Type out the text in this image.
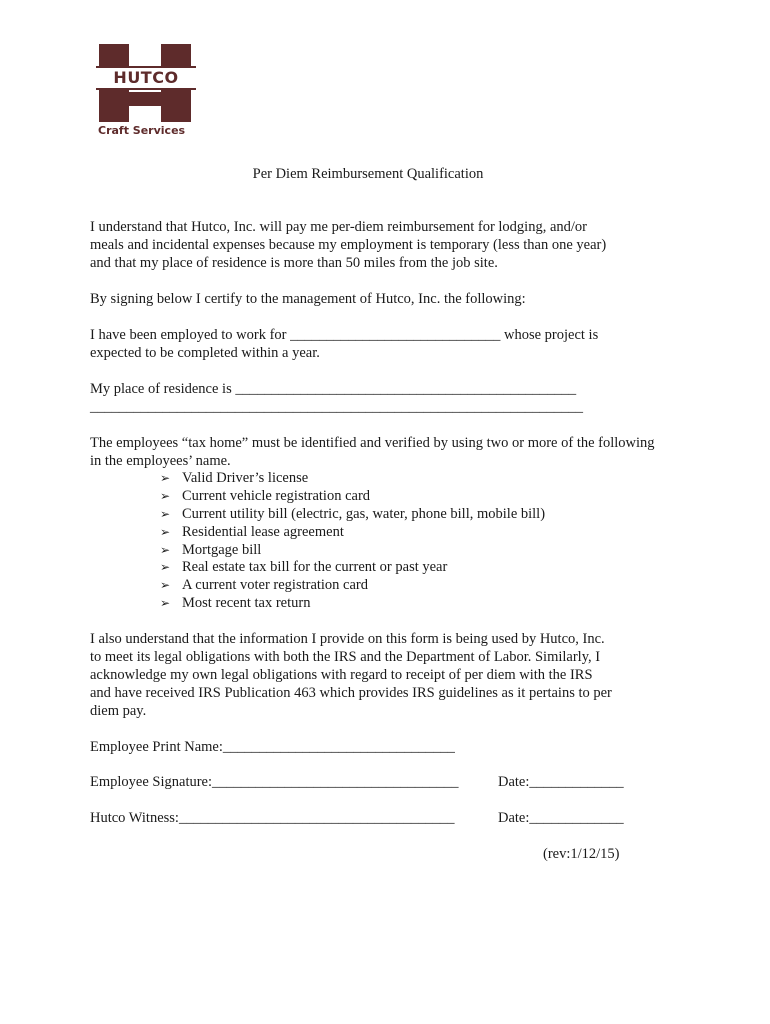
HUTCO
Craft Services
Per Diem Reimbursement Qualification
I understand that Hutco, Inc. will pay me per-diem reimbursement for lodging, and/or
meals and incidental expenses because my employment is temporary (less than one year)
and that my place of residence is more than 50 miles from the job site.
By signing below I certify to the management of Hutco, Inc. the following:
I have been employed to work for _____________________________ whose project is
expected to be completed within a year.
My place of residence is _______________________________________________
____________________________________________________________________
The employees “tax home” must be identified and verified by using two or more of the following
in the employees’ name.
➢ Valid Driver’s license
➢ Current vehicle registration card
➢ Current utility bill (electric, gas, water, phone bill, mobile bill)
➢ Residential lease agreement
➢ Mortgage bill
➢ Real estate tax bill for the current or past year
➢ A current voter registration card
➢ Most recent tax return
I also understand that the information I provide on this form is being used by Hutco, Inc.
to meet its legal obligations with both the IRS and the Department of Labor. Similarly, I
acknowledge my own legal obligations with regard to receipt of per diem with the IRS
and have received IRS Publication 463 which provides IRS guidelines as it pertains to per
diem pay.
Employee Print Name:________________________________
Employee Signature:__________________________________	Date:_____________
Hutco Witness:______________________________________	Date:_____________
(rev:1/12/15)
